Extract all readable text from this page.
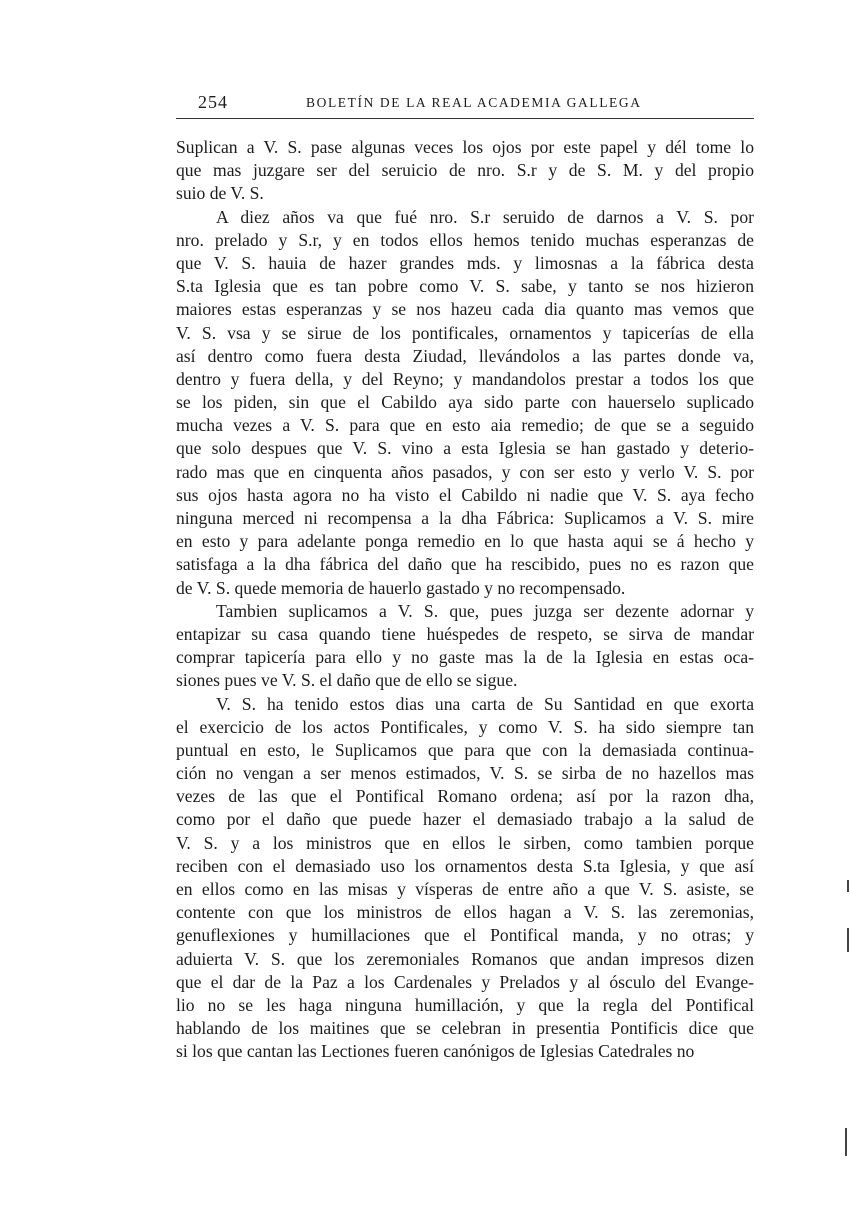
254	BOLETÍN DE LA REAL ACADEMIA GALLEGA
Suplican a V. S. pase algunas veces los ojos por este papel y dél tome lo
que mas juzgare ser del seruicio de nro. S.r y de S. M. y del propio
suio de V. S.
A diez años va que fué nro. S.r seruido de darnos a V. S. por
nro. prelado y S.r, y en todos ellos hemos tenido muchas esperanzas de
que V. S. hauia de hazer grandes mds. y limosnas a la fábrica desta
S.ta Iglesia que es tan pobre como V. S. sabe, y tanto se nos hizieron
maiores estas esperanzas y se nos hazeu cada dia quanto mas vemos que
V. S. vsa y se sirue de los pontificales, ornamentos y tapicerías de ella
así dentro como fuera desta Ziudad, llevándolos a las partes donde va,
dentro y fuera della, y del Reyno; y mandandolos prestar a todos los que
se los piden, sin que el Cabildo aya sido parte con hauerselo suplicado
mucha vezes a V. S. para que en esto aia remedio; de que se a seguido
que solo despues que V. S. vino a esta Iglesia se han gastado y deterio-
rado mas que en cinquenta años pasados, y con ser esto y verlo V. S. por
sus ojos hasta agora no ha visto el Cabildo ni nadie que V. S. aya fecho
ninguna merced ni recompensa a la dha Fábrica: Suplicamos a V. S. mire
en esto y para adelante ponga remedio en lo que hasta aqui se á hecho y
satisfaga a la dha fábrica del daño que ha rescibido, pues no es razon que
de V. S. quede memoria de hauerlo gastado y no recompensado.
Tambien suplicamos a V. S. que, pues juzga ser dezente adornar y
entapizar su casa quando tiene huéspedes de respeto, se sirva de mandar
comprar tapicería para ello y no gaste mas la de la Iglesia en estas oca-
siones pues ve V. S. el daño que de ello se sigue.
V. S. ha tenido estos dias una carta de Su Santidad en que exorta
el exercicio de los actos Pontificales, y como V. S. ha sido siempre tan
puntual en esto, le Suplicamos que para que con la demasiada continua-
ción no vengan a ser menos estimados, V. S. se sirba de no hazellos mas
vezes de las que el Pontifical Romano ordena; así por la razon dha,
como por el daño que puede hazer el demasiado trabajo a la salud de
V. S. y a los ministros que en ellos le sirben, como tambien porque
reciben con el demasiado uso los ornamentos desta S.ta Iglesia, y que así
en ellos como en las misas y vísperas de entre año a que V. S. asiste, se
contente con que los ministros de ellos hagan a V. S. las zeremonias,
genuflexiones y humillaciones que el Pontifical manda, y no otras; y
aduierta V. S. que los zeremoniales Romanos que andan impresos dizen
que el dar de la Paz a los Cardenales y Prelados y al ósculo del Evange-
lio no se les haga ninguna humillación, y que la regla del Pontifical
hablando de los maitines que se celebran in presentia Pontificis dice que
si los que cantan las Lectiones fueren canónigos de Iglesias Catedrales no
